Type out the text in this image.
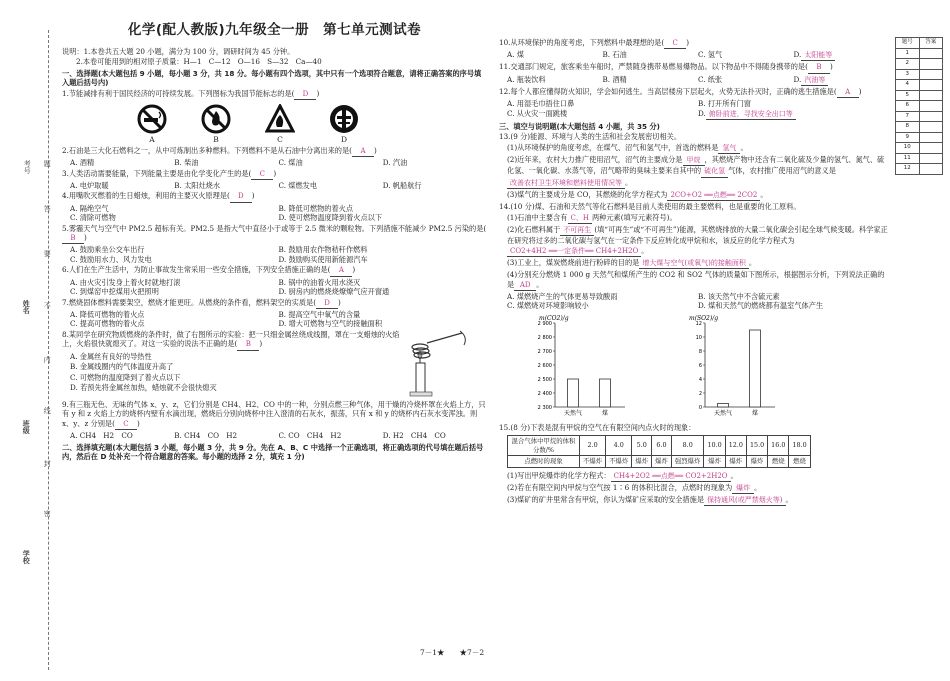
考号 题
答
要
不
姓名
内
线
班级
封
密
学校
化学(配人教版)九年级全一册　第七单元测试卷

说明：1.本卷共五大题 20 小题，满分为 100 分，调研时间为 45 分钟。

2.本卷可能用到的相对原子质量：H—1　C—12　O—16　S—32　Ca—40

一、选择题(本大题包括 9 小题，每小题 3 分，共 18 分。每小题有四个选项，其中只有一个选项符合题意，请将正确答案的序号填入题后括号内)

1.节能减排有利于国民经济的可持续发展。下列图标为我国节能标志的是( D )

A	B	C	D

2.石油是三大化石燃料之一，从中可炼制出多种燃料。下列燃料不是从石油中分离出来的是( A )

A. 酒精	B. 柴油	C. 煤油	D. 汽油

3.人类活动需要能量，下列能量主要是由化学变化产生的是( C )

A. 电炉取暖	B. 太阳灶烧水	C. 煤燃发电	D. 帆船航行

4.用嘴吹灭燃着的生日蜡烛，利用的主要灭火原理是( D )

A. 隔绝空气	B. 降低可燃物的着火点
C. 清除可燃物	D. 使可燃物温度降到着火点以下

5.雾霾天气与空气中 PM2.5 超标有关。PM2.5 是指大气中直径小于或等于 2.5 微米的颗粒物。下列措施不能减少 PM2.5 污染的是(B )

A. 鼓励乘坐公交车出行	B. 鼓励用农作物秸秆作燃料
C. 鼓励用水力、风力发电	D. 鼓励购买使用新能源汽车

6.人们在生产生活中，为防止事故发生常采用一些安全措施，下列安全措施正确的是( A )

A. 由火灾引发身上着火时就地打滚	B. 锅中的油着火用水浇灭
C. 到煤窑中挖煤用火把照明	D. 厨房内的燃烧烧燎燎气应开窗通

7.燃烧固体燃料需要架空，燃烧才能更旺。从燃烧的条件看，燃料架空的实质是( D )

A. 降低可燃物的着火点	B. 提高空气中氧气的含量
C. 提高可燃物的着火点	D. 增大可燃物与空气的接触面积

8.某同学在研究物质燃烧的条件时，做了右图所示的实验：把一只细金属丝绕成线圈，罩在一支蜡烛的火焰上，火焰很快就熄灭了。对这一实验的说法不正确的是( B )

A. 金属丝有良好的导热性

B. 金属线圈内的气体温度升高了

C. 可燃物的温度降到了着火点以下

D. 若预先将金属丝加热，蜡烛就不会很快熄灭

9.有三瓶无色、无味的气体 x、y、z，它们分别是 CH4、H2、CO 中的一种，分别点燃三种气体，用干燥的冷烧杯罩在火焰上方，只有 y 和 z 火焰上方的烧杯内壁有水滴出现，燃烧后分别向烧杯中注入澄清的石灰水，振荡，只有 x 和 y 的烧杯内石灰水变浑浊。则 x、y、z 分别是( C )

A. CH4　H2　CO	B. CH4　CO　H2	C. CO　CH4　H2	D. H2　CH4　CO

二、选择填充题(本大题包括 3 小题，每小题 3 分，共 9 分。先在 A、B、C 中选择一个正确选项，将正确选项的代号填在题后括号内，然后在 D 处补充一个符合题意的答案。每小题的选择 2 分，填充 1 分)

10.从环境保护的角度考虑，下列燃料中最理想的是( C )

A. 煤	B. 石油	C. 氢气	D. 太阳能等

11.交通部门规定，旅客乘坐车船时，严禁随身携带易燃易爆物品。以下物品中不得随身携带的是( B )

A. 瓶装饮料	B. 酒精	C. 纸张	D. 汽油等

12.每个人都应懂得防火知识，学会如何逃生。当高层楼房下层起火，火势无法扑灭时，正确的逃生措施是( A )

A. 用湿毛巾捂住口鼻	B. 打开所有门窗
C. 从火灾一面跳楼	D. 俯卧前进，寻找安全出口等

三、填空与说明题(本大题包括 4 小题，共 35 分)

13.(9 分)能源、环境与人类的生活和社会发展密切相关。

(1)从环境保护的角度考虑，在煤气、沼气和氢气中，首选的燃料是 氢气 。

(2)近年来，农村大力推广使用沼气，沼气的主要成分是 甲烷 ，其燃烧产物中还含有二氧化硫及少量的氢气、氮气、硫化氢、一氧化碳、水蒸气等，沼气略带的臭味主要来自其中的 硫化氢 气体，农村推广使用沼气的意义是改善农村卫生环境和燃料使用情况等 。

(3)煤气的主要成分是 CO，其燃烧的化学方程式为 2CO+O2 ══点燃══ 2CO2 。

14.(10 分)煤、石油和天然气等化石燃料是目前人类使用的最主要燃料，也是重要的化工原料。

(1)石油中主要含有 C、H 两种元素(填写元素符号)。

(2)化石燃料属于 不可再生 (填“可再生”或“不可再生”)能源，其燃烧排放的大量二氧化碳会引起全球气候变暖。科学家正在研究将过多的二氧化碳与氢气在一定条件下反应转化成甲烷和水，该反应的化学方程式为CO2+4H2 ══一定条件══ CH4+2H2O 。

(3)工业上，煤炭燃烧前进行粉碎的目的是 增大煤与空气(或氧气)的接触面积 。

(4)分别充分燃烧 1 000 g 天然气和煤所产生的 CO2 和 SO2 气体的质量如下图所示，根据图示分析，下列说法正确的是 AD 。

A. 煤燃烧产生的气体更易导致酸雨	B. 该天然气中不含硫元素
C. 煤燃烧对环境影响较小	D. 煤和天然气的燃烧都有温室气体产生
m(CO2)/g
2 900
2 800
2 700
2 600
2 500
2 400
2 300
天然气	煤
m(SO2)/g
12
10
8
6
4
2
0
天然气	煤

15.(8 分)下表是混有甲烷的空气在有限空间内点火时的现象：

混合气体中甲烷的体积分数/%	2.0	4.0	5.0	6.0	8.0	10.0	12.0	15.0	16.0	18.0
点燃时的现象	不爆炸	不爆炸	爆炸	爆炸	强烈爆炸	爆炸	爆炸	爆炸	燃烧	燃烧

(1)写出甲烷爆炸的化学方程式： CH4+2O2 ══点燃══ CO2+2H2O 。

(2)若在有限空间内甲烷与空气按 1∶6 的体积比混合，点燃时的现象为 爆炸 。

(3)煤矿的矿井里常含有甲烷，你认为煤矿应采取的安全措施是 保持通风(或严禁烟火等) 。

题号	答案
1	
2	
3	
4	
5	
6	
7	
8	
9	
10	
11	
12	
7－1★　　★7－2
